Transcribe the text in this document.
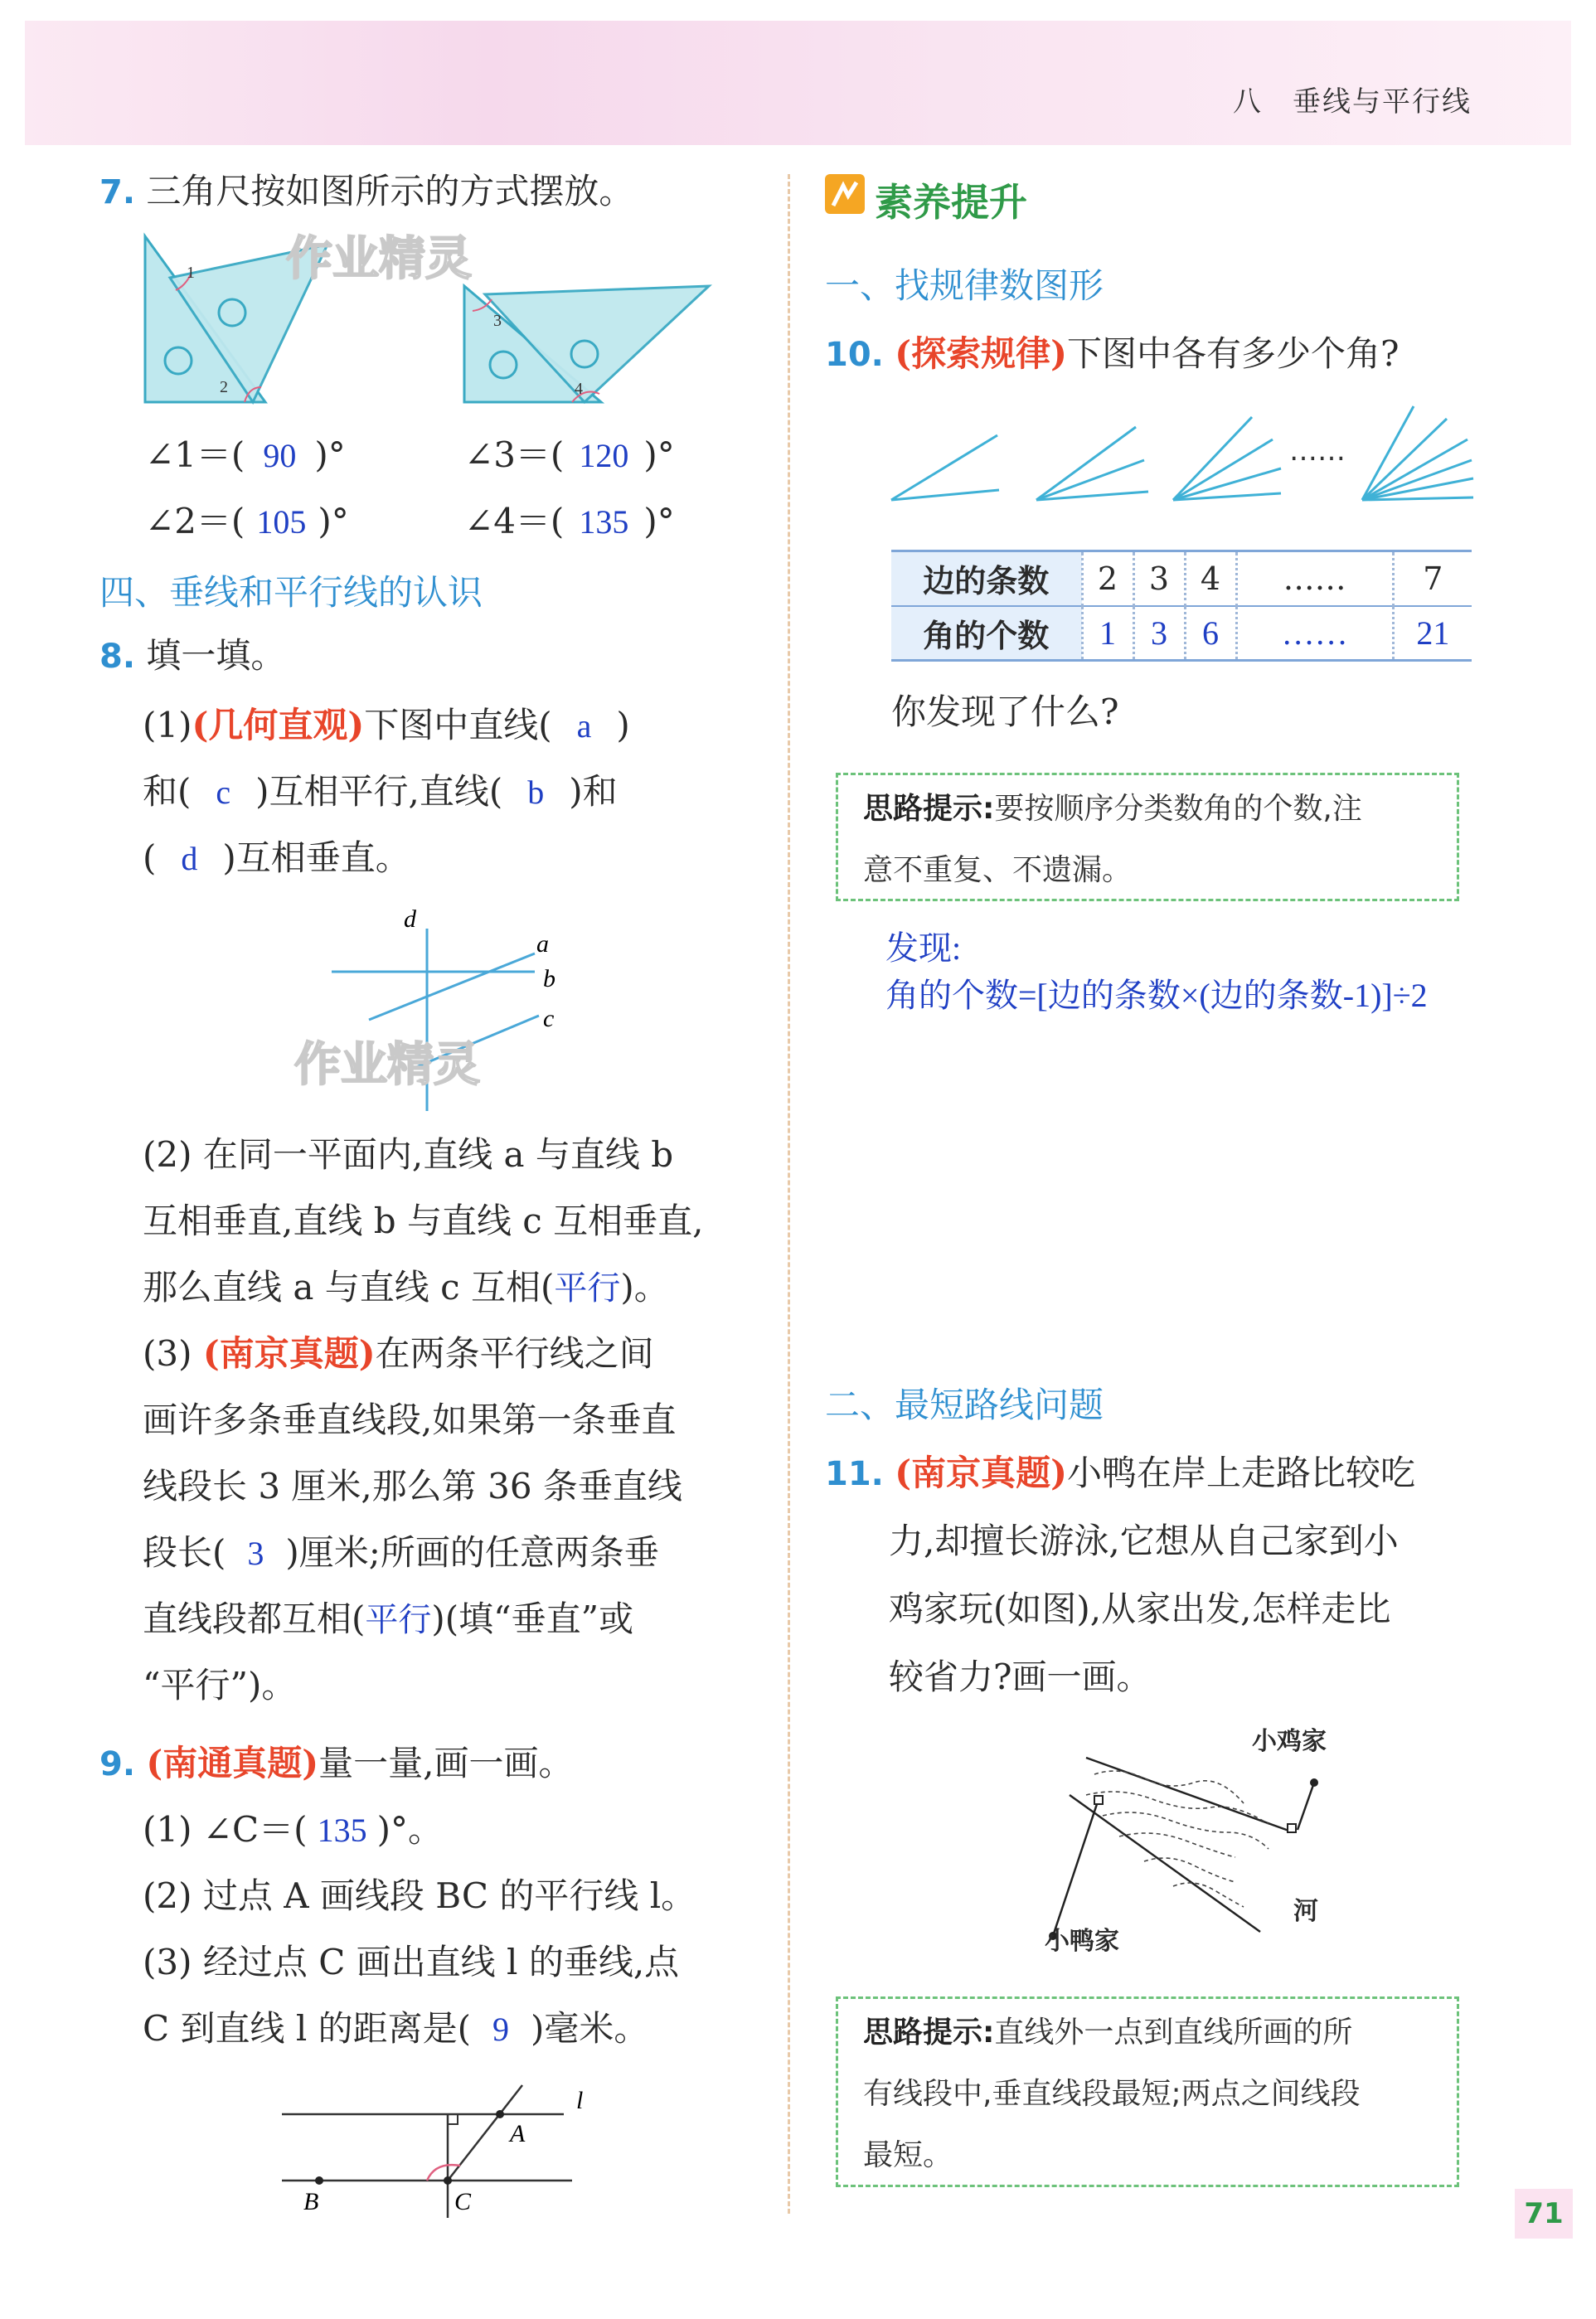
八　垂线与平行线
7. 三角尺按如图所示的方式摆放。
1
2
3
4
作业精灵
∠1＝( 90 )°	∠3＝( 120 )°
∠2＝( 105 )°	∠4＝( 135 )°
四、垂线和平行线的认识
8. 填一填。
(1)(几何直观)下图中直线( a )
和( c )互相平行,直线( b )和
( d )互相垂直。
d
a
b
c
作业精灵
(2) 在同一平面内,直线 a 与直线 b
互相垂直,直线 b 与直线 c 互相垂直,
那么直线 a 与直线 c 互相(平行)。
(3) (南京真题)在两条平行线之间
画许多条垂直线段,如果第一条垂直
线段长 3 厘米,那么第 36 条垂直线
段长( 3 )厘米;所画的任意两条垂
直线段都互相(平行)(填“垂直”或
“平行”)。
9. (南通真题)量一量,画一画。
(1) ∠C＝( 135 )°。
(2) 过点 A 画线段 BC 的平行线 l。
(3) 经过点 C 画出直线 l 的垂线,点
C 到直线 l 的距离是( 9 )毫米。
l
A
B	C
素养提升
一、找规律数图形
10. (探索规律)下图中各有多少个角?
……
边的条数	2	3	4	……	7
角的个数	1	3	6	……	21
你发现了什么?
思路提示:要按顺序分类数角的个数,注
意不重复、不遗漏。
发现:
角的个数=[边的条数×(边的条数-1)]÷2
二、最短路线问题
11. (南京真题)小鸭在岸上走路比较吃
力,却擅长游泳,它想从自己家到小
鸡家玩(如图),从家出发,怎样走比
较省力?画一画。
小鸡家
小鸭家
河
思路提示:直线外一点到直线所画的所
有线段中,垂直线段最短;两点之间线段
最短。
71
